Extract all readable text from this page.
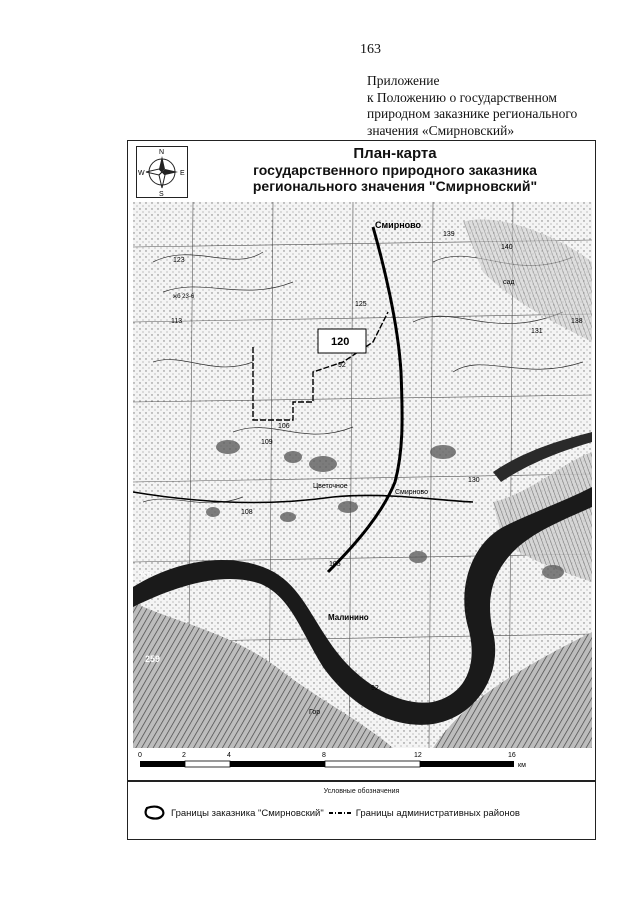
163
Приложение
к Положению о государственном
природном заказнике регионального
значения «Смирновский»
N
S
W	E
План-карта
государственного природного заказника
регионального значения "Смирновский"
Смирново
139
140
123
125
131
138
113
106
109
жб 23-6
120
92
108
Цветочное
Смирново
Малинино
105
сад
Усть
130
92
Гор
259
0	2	4	8	12	16
км
Условные обозначения
Границы заказника "Смирновский"	Границы административных районов
